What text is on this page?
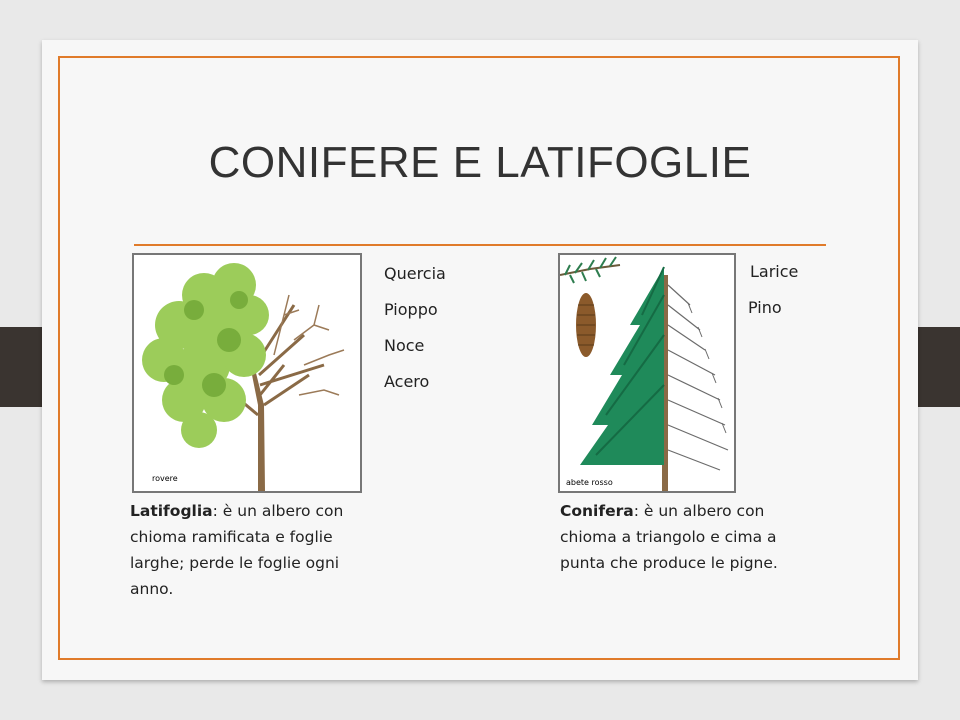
CONIFERE E LATIFOGLIE
rovere
Quercia
Pioppo
Noce
Acero
Latifoglia: è un albero con chioma ramificata e foglie larghe; perde le foglie ogni anno.
abete rosso
Larice
Pino
Conifera: è un albero con chioma a triangolo e cima a punta che produce le pigne.
